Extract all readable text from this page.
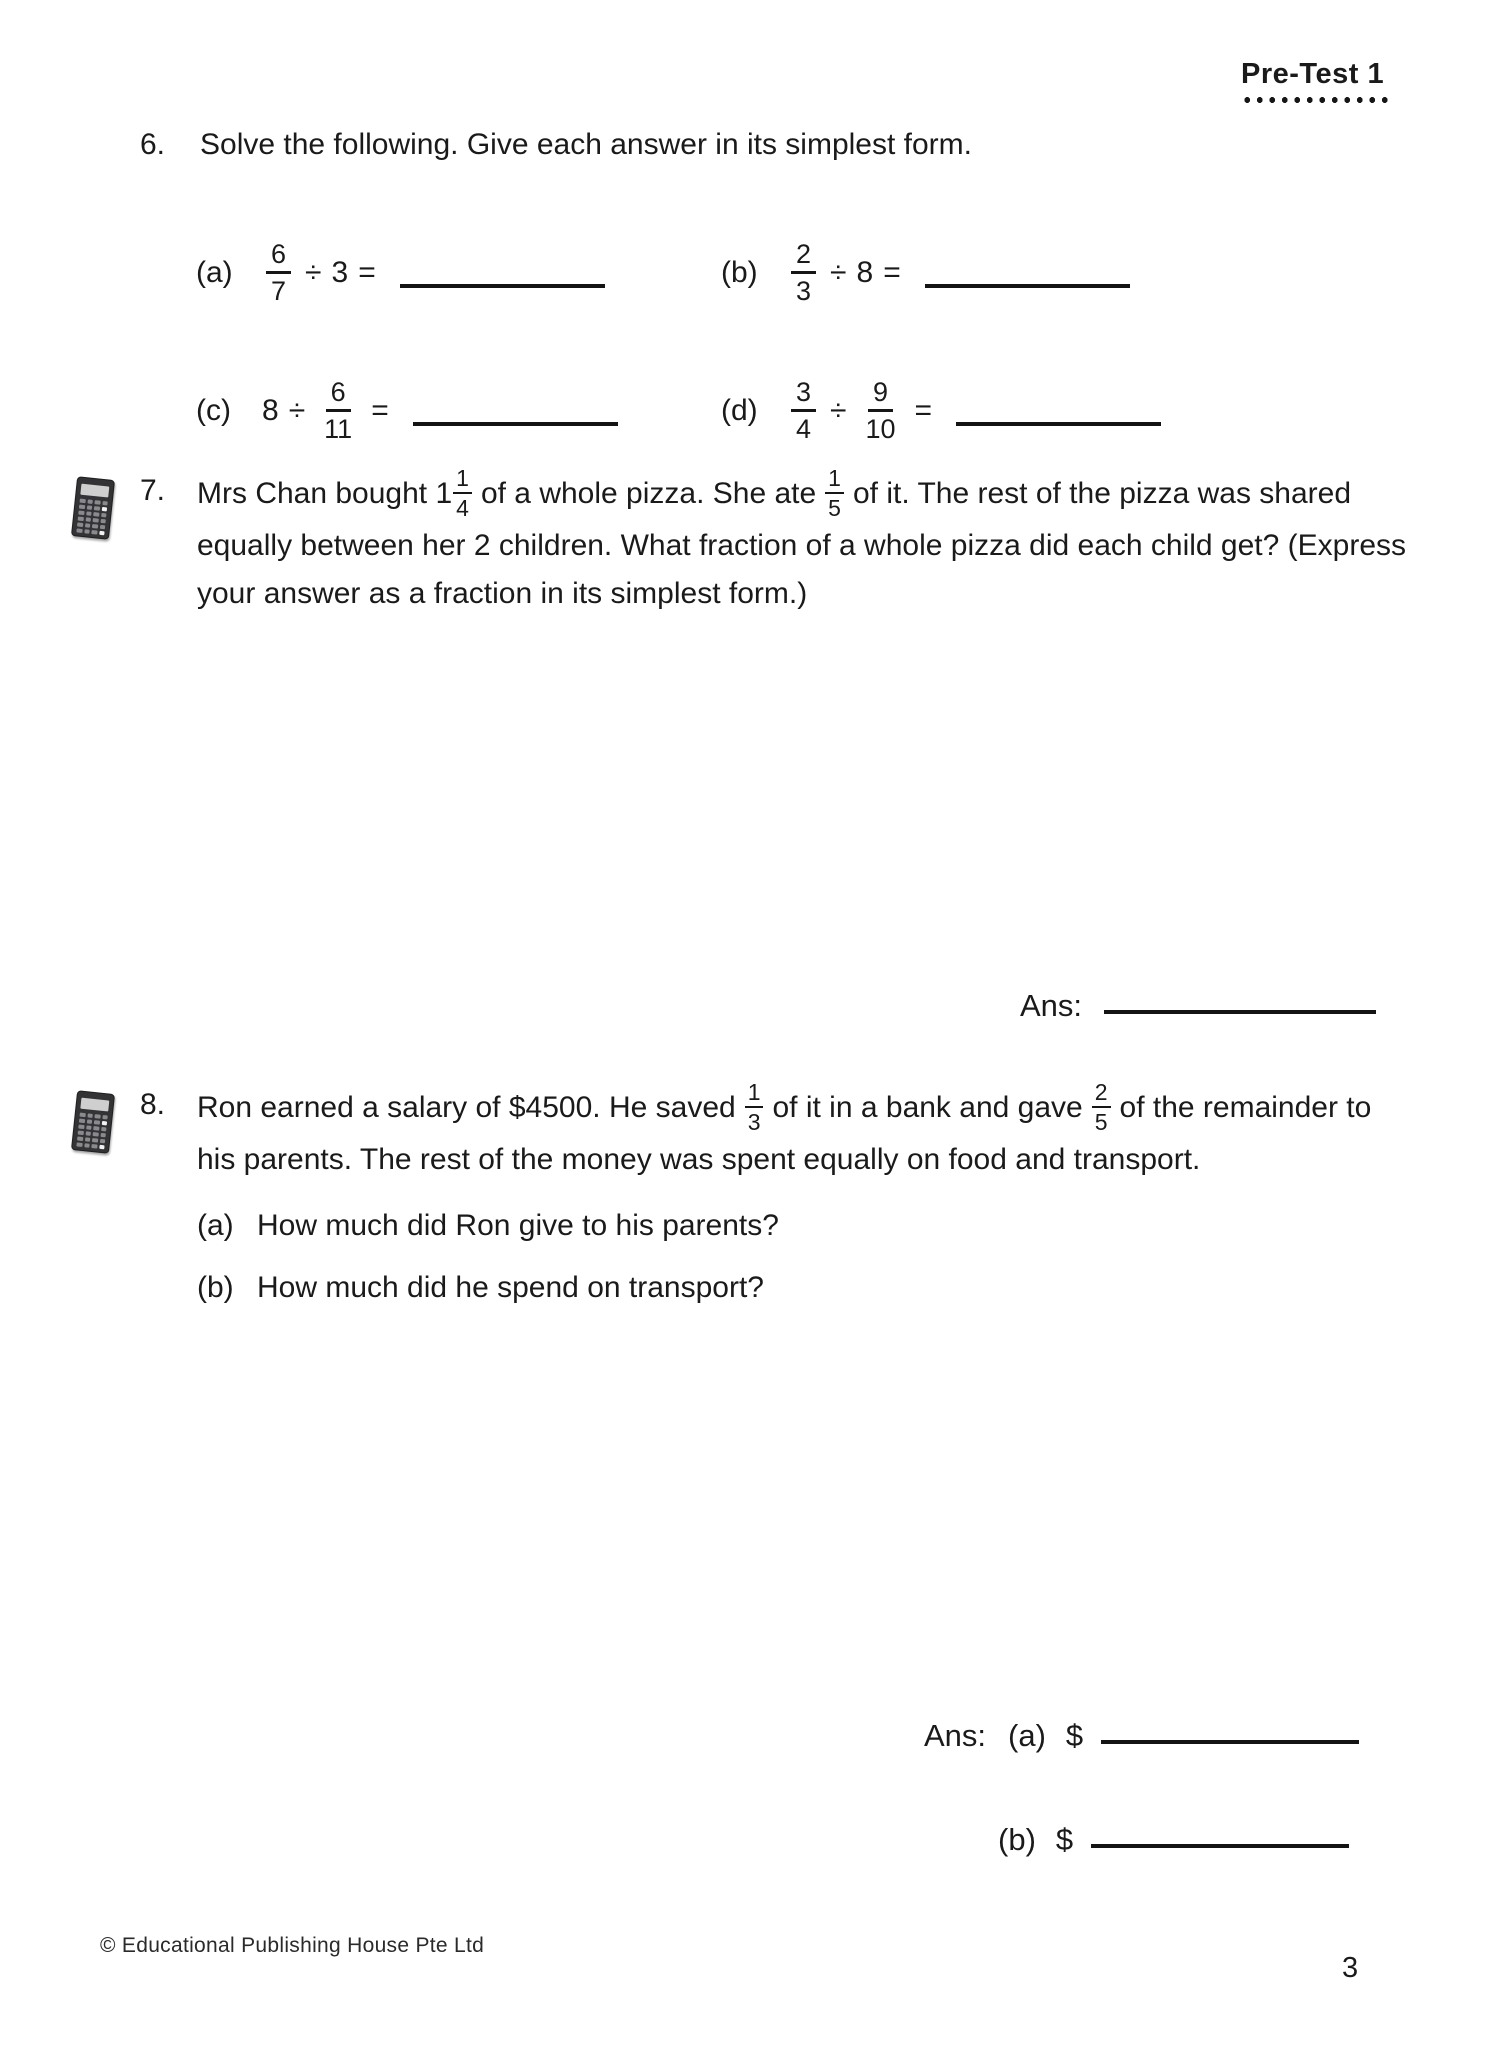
Pre-Test 1
6. Solve the following. Give each answer in its simplest form.
(a)	$\frac{6}{7} \div 3$ =	(b)	$\frac{2}{3} \div 8$ =
(c)	$8 \div \frac{6}{11}$ =	(d)	$\frac{3}{4} \div \frac{9}{10}$ =
7. Mrs Chan bought $1 \frac{1}{4}$ of a whole pizza. She ate $\frac{1}{5}$ of it. The rest of the pizza was shared equally between her 2 children. What fraction of a whole pizza did each child get? (Express your answer as a fraction in its simplest form.)
Ans:
8. Ron earned a salary of $4500. He saved $\frac{1}{3}$ of it in a bank and gave $\frac{2}{5}$ of the remainder to his parents. The rest of the money was spent equally on food and transport.
(a) How much did Ron give to his parents?
(b) How much did he spend on transport?
Ans: (a) $
(b) $
© Educational Publishing House Pte Ltd
3
